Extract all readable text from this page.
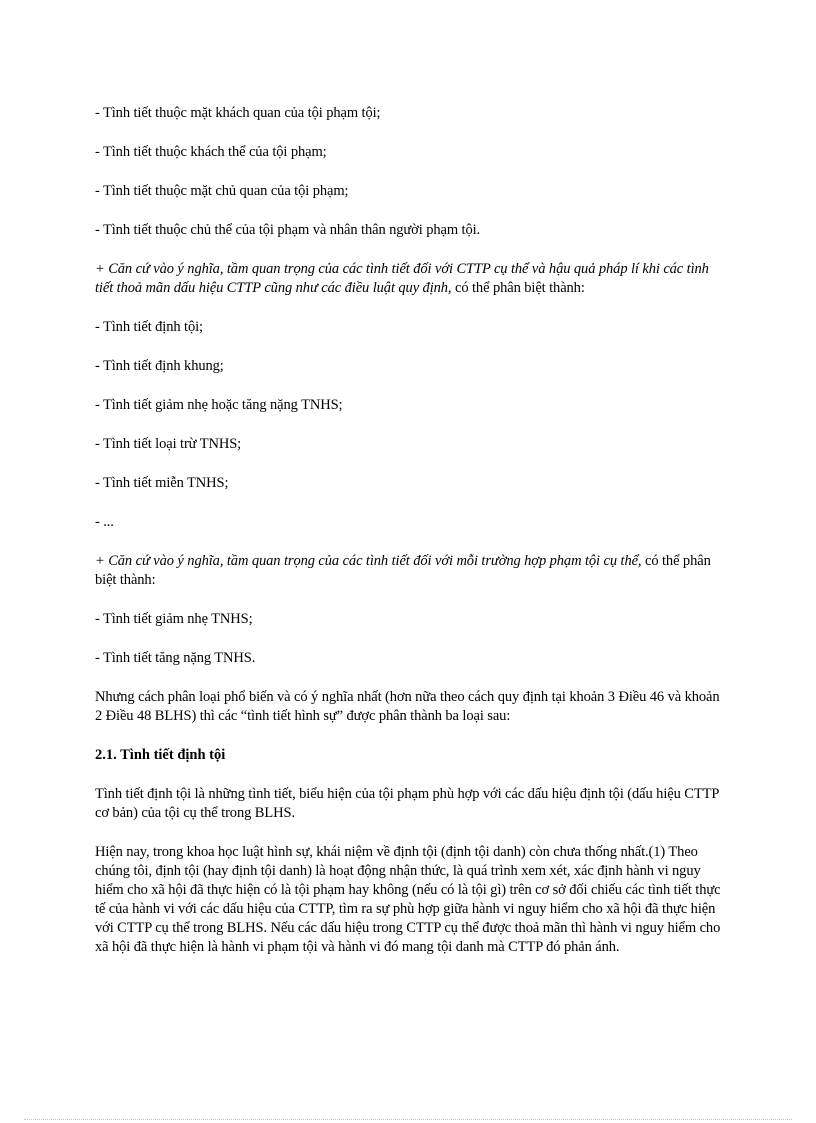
- Tình tiết thuộc mặt khách quan của tội phạm tội;

- Tình tiết thuộc khách thể của tội phạm;

- Tình tiết thuộc mặt chủ quan của tội phạm;

- Tình tiết thuộc chủ thể của tội phạm và nhân thân người phạm tội.

+ Căn cứ vào ý nghĩa, tầm quan trọng của các tình tiết đối với CTTP cụ thể và hậu quả pháp lí khi các tình tiết thoả mãn dấu hiệu CTTP cũng như các điều luật quy định, có thể phân biệt thành:

- Tình tiết định tội;

- Tình tiết định khung;

- Tình tiết giảm nhẹ hoặc tăng nặng TNHS;

- Tình tiết loại trừ TNHS;

- Tình tiết miễn TNHS;

- ...

+ Căn cứ vào ý nghĩa, tầm quan trọng của các tình tiết đối với mỗi trường hợp phạm tội cụ thể, có thể phân biệt thành:

- Tình tiết giảm nhẹ TNHS;

- Tình tiết tăng nặng TNHS.

Nhưng cách phân loại phổ biến và có ý nghĩa nhất (hơn nữa theo cách quy định tại khoản 3 Điều 46 và khoản 2 Điều 48 BLHS) thì các “tình tiết hình sự” được phân thành ba loại sau:

2.1. Tình tiết định tội

Tình tiết định tội là những tình tiết, biểu hiện của tội phạm phù hợp với các dấu hiệu định tội (dấu hiệu CTTP cơ bản) của tội cụ thể trong BLHS.

Hiện nay, trong khoa học luật hình sự, khái niệm về định tội (định tội danh) còn chưa thống nhất.(1) Theo chúng tôi, định tội (hay định tội danh) là hoạt động nhận thức, là quá trình xem xét, xác định hành vi nguy hiểm cho xã hội đã thực hiện có là tội phạm hay không (nếu có là tội gì) trên cơ sở đối chiếu các tình tiết thực tế của hành vi với các dấu hiệu của CTTP, tìm ra sự phù hợp giữa hành vi nguy hiểm cho xã hội đã thực hiện với CTTP cụ thể trong BLHS. Nếu các dấu hiệu trong CTTP cụ thể được thoả mãn thì hành vi nguy hiểm cho xã hội đã thực hiện là hành vi phạm tội và hành vi đó mang tội danh mà CTTP đó phản ánh.
